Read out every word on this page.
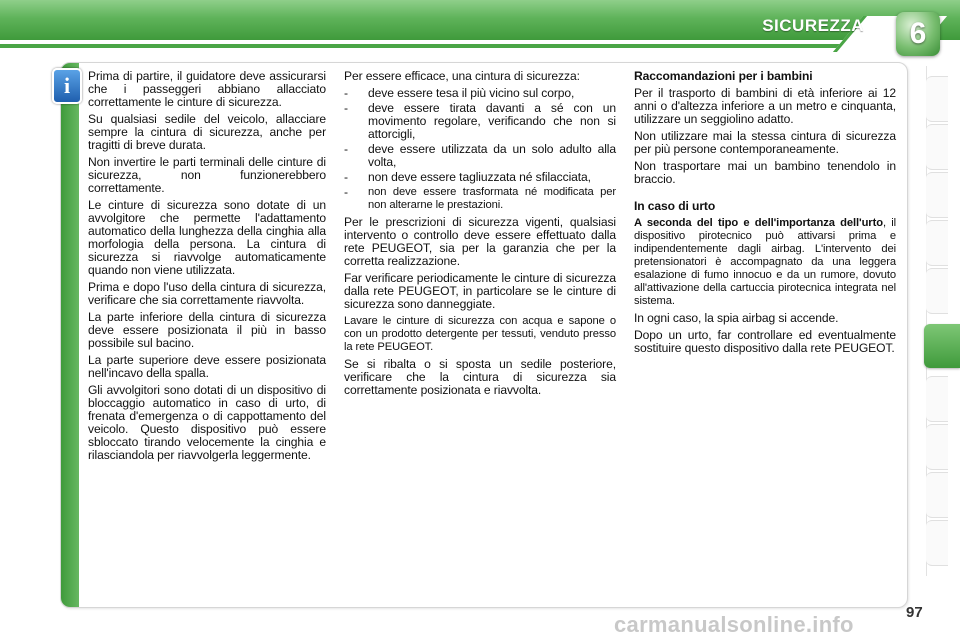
SICUREZZA	6
i	Prima di partire, il guidatore deve assicurarsi che i passeggeri abbiano allacciato correttamente le cinture di sicurezza.

Su qualsiasi sedile del veicolo, allacciare sempre la cintura di sicurezza, anche per tragitti di breve durata.

Non invertire le parti terminali delle cinture di sicurezza, non funzionerebbero correttamente.

Le cinture di sicurezza sono dotate di un avvolgitore che permette l'adattamento automatico della lunghezza della cinghia alla morfologia della persona. La cintura di sicurezza si riavvolge automaticamente quando non viene utilizzata.

Prima e dopo l'uso della cintura di sicurezza, verificare che sia correttamente riavvolta.

La parte inferiore della cintura di sicurezza deve essere posizionata il più in basso possibile sul bacino.

La parte superiore deve essere posizionata nell'incavo della spalla.

Gli avvolgitori sono dotati di un dispositivo di bloccaggio automatico in caso di urto, di frenata d'emergenza o di cappottamento del veicolo. Questo dispositivo può essere sbloccato tirando velocemente la cinghia e rilasciandola per riavvolgerla leggermente.

Per essere efficace, una cintura di sicurezza:

-	deve essere tesa il più vicino sul corpo,
-	deve essere tirata davanti a sé con un movimento regolare, verificando che non si attorcigli,
-	deve essere utilizzata da un solo adulto alla volta,
-	non deve essere tagliuzzata né sfilacciata,
-	non deve essere trasformata né modificata per non alterarne le prestazioni.

Per le prescrizioni di sicurezza vigenti, qualsiasi intervento o controllo deve essere effettuato dalla rete PEUGEOT, sia per la garanzia che per la corretta realizzazione.

Far verificare periodicamente le cinture di sicurezza dalla rete PEUGEOT, in particolare se le cinture di sicurezza sono danneggiate.

Lavare le cinture di sicurezza con acqua e sapone o con un prodotto detergente per tessuti, venduto presso la rete PEUGEOT.

Se si ribalta o si sposta un sedile posteriore, verificare che la cintura di sicurezza sia correttamente posizionata e riavvolta.

Raccomandazioni per i bambini

Per il trasporto di bambini di età inferiore ai 12 anni o d'altezza inferiore a un metro e cinquanta, utilizzare un seggiolino adatto.

Non utilizzare mai la stessa cintura di sicurezza per più persone contemporaneamente.

Non trasportare mai un bambino tenendolo in braccio.

In caso di urto

A seconda del tipo e dell'importanza dell'urto, il dispositivo pirotecnico può attivarsi prima e indipendentemente dagli airbag. L'intervento dei pretensionatori è accompagnato da una leggera esalazione di fumo innocuo e da un rumore, dovuto all'attivazione della cartuccia pirotecnica integrata nel sistema.

In ogni caso, la spia airbag si accende.

Dopo un urto, far controllare ed eventualmente sostituire questo dispositivo dalla rete PEUGEOT.

97
carmanualsonline.info
